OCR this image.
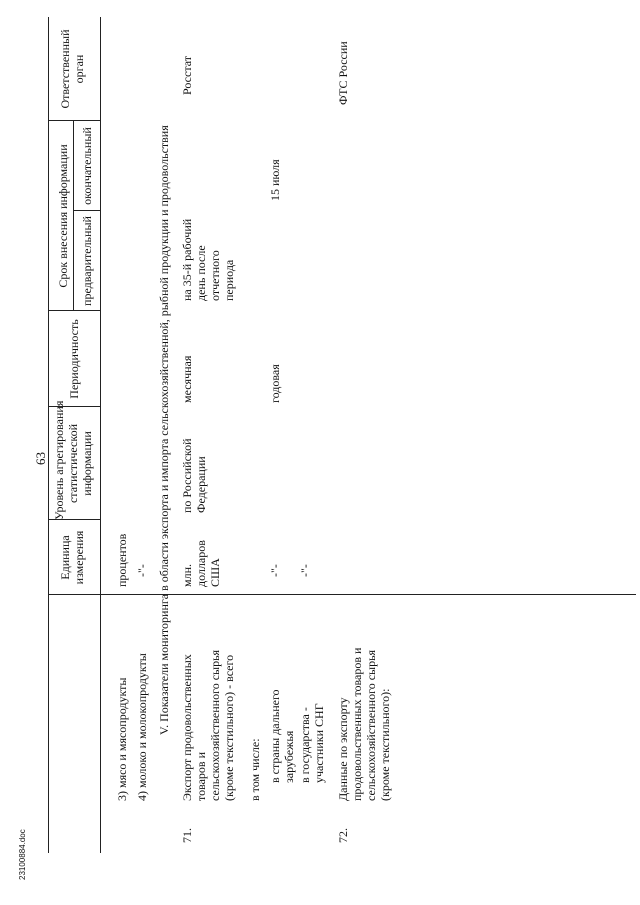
63
Единица
измерения
Уровень агрегирования
статистической
информации
Периодичность
Срок внесения информации предварительный
окончательный
Ответственный
орган
3) мясо и мясопродукты
процентов
4) молоко и молокопродукты
-"- V. Показатели мониторинга в области экспорта и импорта сельскохозяйственной, рыбной продукции и продовольствия
71.
Экспорт продовольственных
товаров и
сельскохозяйственного сырья
(кроме текстильного) - всего
млн.
долларов
США
по Российской
Федерации
месячная
на 35-й рабочий
день после
отчетного
периода
Росстат
в том числе: в страны дальнего
зарубежья
-"-
годовая
15 июля
в государства -
участники СНГ
-"-
72.
Данные по экспорту
продовольственных товаров и
сельскохозяйственного сырья
(кроме текстильного):
ФТС России
23100884.doc
